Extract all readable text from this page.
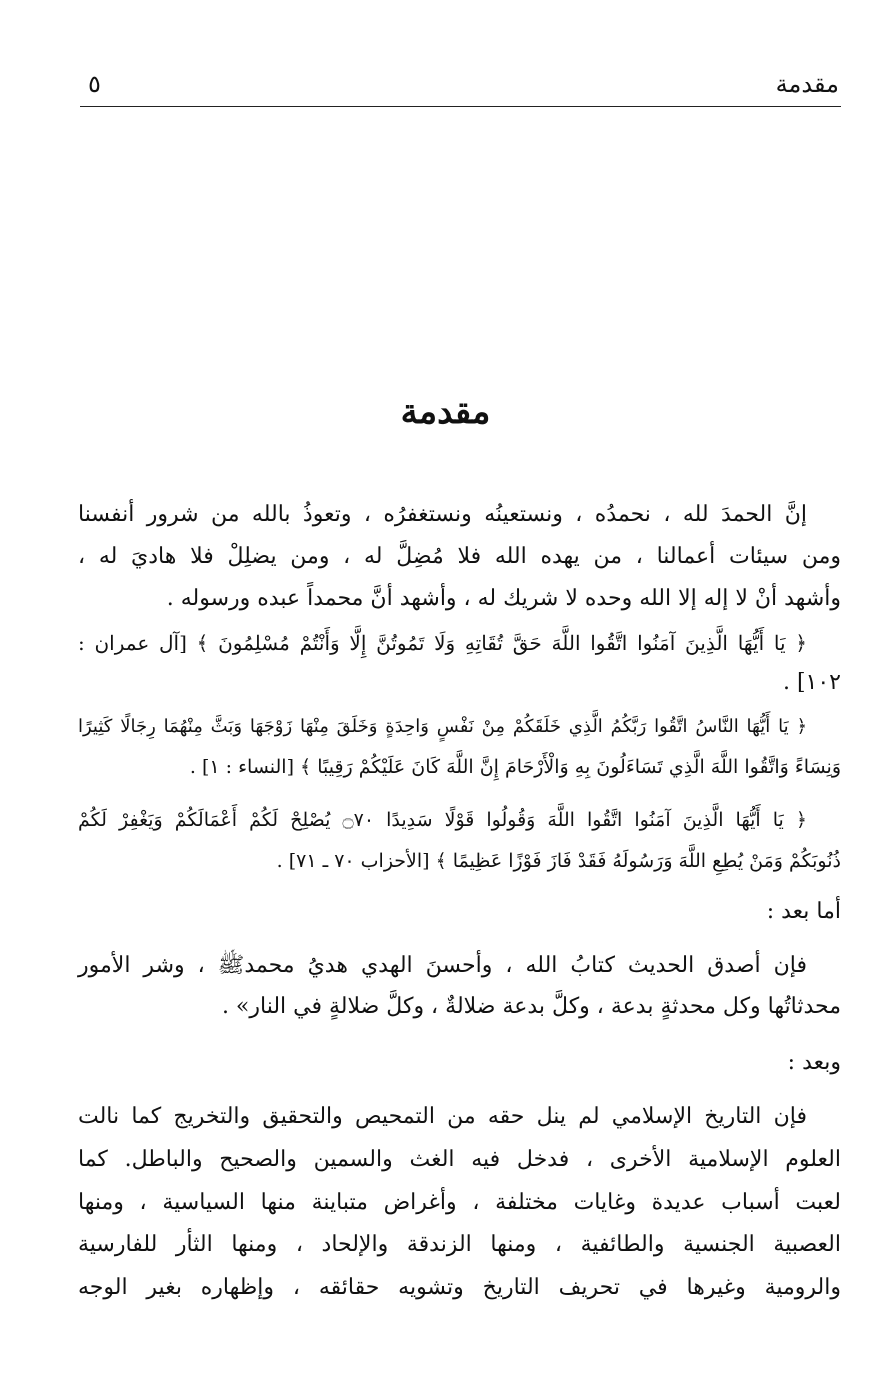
مقدمة
٥
مقدمة
إنَّ الحمدَ لله ، نحمدُه ، ونستعينُه ونستغفرُه ، وتعوذُ بالله من شرور أنفسنا
ومن سيئات أعمالنا ، من يهده الله فلا مُضِلَّ له ، ومن يضلِلْ فلا هاديَ له ،
وأشهد أنْ لا إله إلا الله وحده لا شريك له ، وأشهد أنَّ محمداً عبده ورسوله .
﴿ يَا أَيُّهَا الَّذِينَ آمَنُوا اتَّقُوا اللَّهَ حَقَّ تُقَاتِهِ وَلَا تَمُوتُنَّ إِلَّا وَأَنْتُمْ مُسْلِمُونَ ﴾ [آل عمران :
١٠٢] .
﴿ يَا أَيُّهَا النَّاسُ اتَّقُوا رَبَّكُمُ الَّذِي خَلَقَكُمْ مِنْ نَفْسٍ وَاحِدَةٍ وَخَلَقَ مِنْهَا زَوْجَهَا وَبَثَّ مِنْهُمَا رِجَالًا كَثِيرًا
وَنِسَاءً وَاتَّقُوا اللَّهَ الَّذِي تَسَاءَلُونَ بِهِ وَالْأَرْحَامَ إِنَّ اللَّهَ كَانَ عَلَيْكُمْ رَقِيبًا ﴾ [النساء : ١] .
﴿ يَا أَيُّهَا الَّذِينَ آمَنُوا اتَّقُوا اللَّهَ وَقُولُوا قَوْلًا سَدِيدًا ۝٧٠ يُصْلِحْ لَكُمْ أَعْمَالَكُمْ وَيَغْفِرْ لَكُمْ
ذُنُوبَكُمْ وَمَنْ يُطِعِ اللَّهَ وَرَسُولَهُ فَقَدْ فَازَ فَوْزًا عَظِيمًا ﴾ [الأحزاب ٧٠ ـ ٧١] .
أما بعد :
فإن أصدق الحديث كتابُ الله ، وأحسنَ الهدي هديُ محمدﷺ ، وشر الأمور
محدثاتُها وكل محدثةٍ بدعة ، وكلَّ بدعة ضلالةٌ ، وكلَّ ضلالةٍ في النار» .
وبعد :
فإن التاريخ الإسلامي لم ينل حقه من التمحيص والتحقيق والتخريج كما نالت
العلوم الإسلامية الأخرى ، فدخل فيه الغث والسمين والصحيح والباطل. كما
لعبت أسباب عديدة وغايات مختلفة ، وأغراض متباينة منها السياسية ، ومنها
العصبية الجنسية والطائفية ، ومنها الزندقة والإلحاد ، ومنها الثأر للفارسية
والرومية وغيرها في تحريف التاريخ وتشويه حقائقه ، وإظهاره بغير الوجه
